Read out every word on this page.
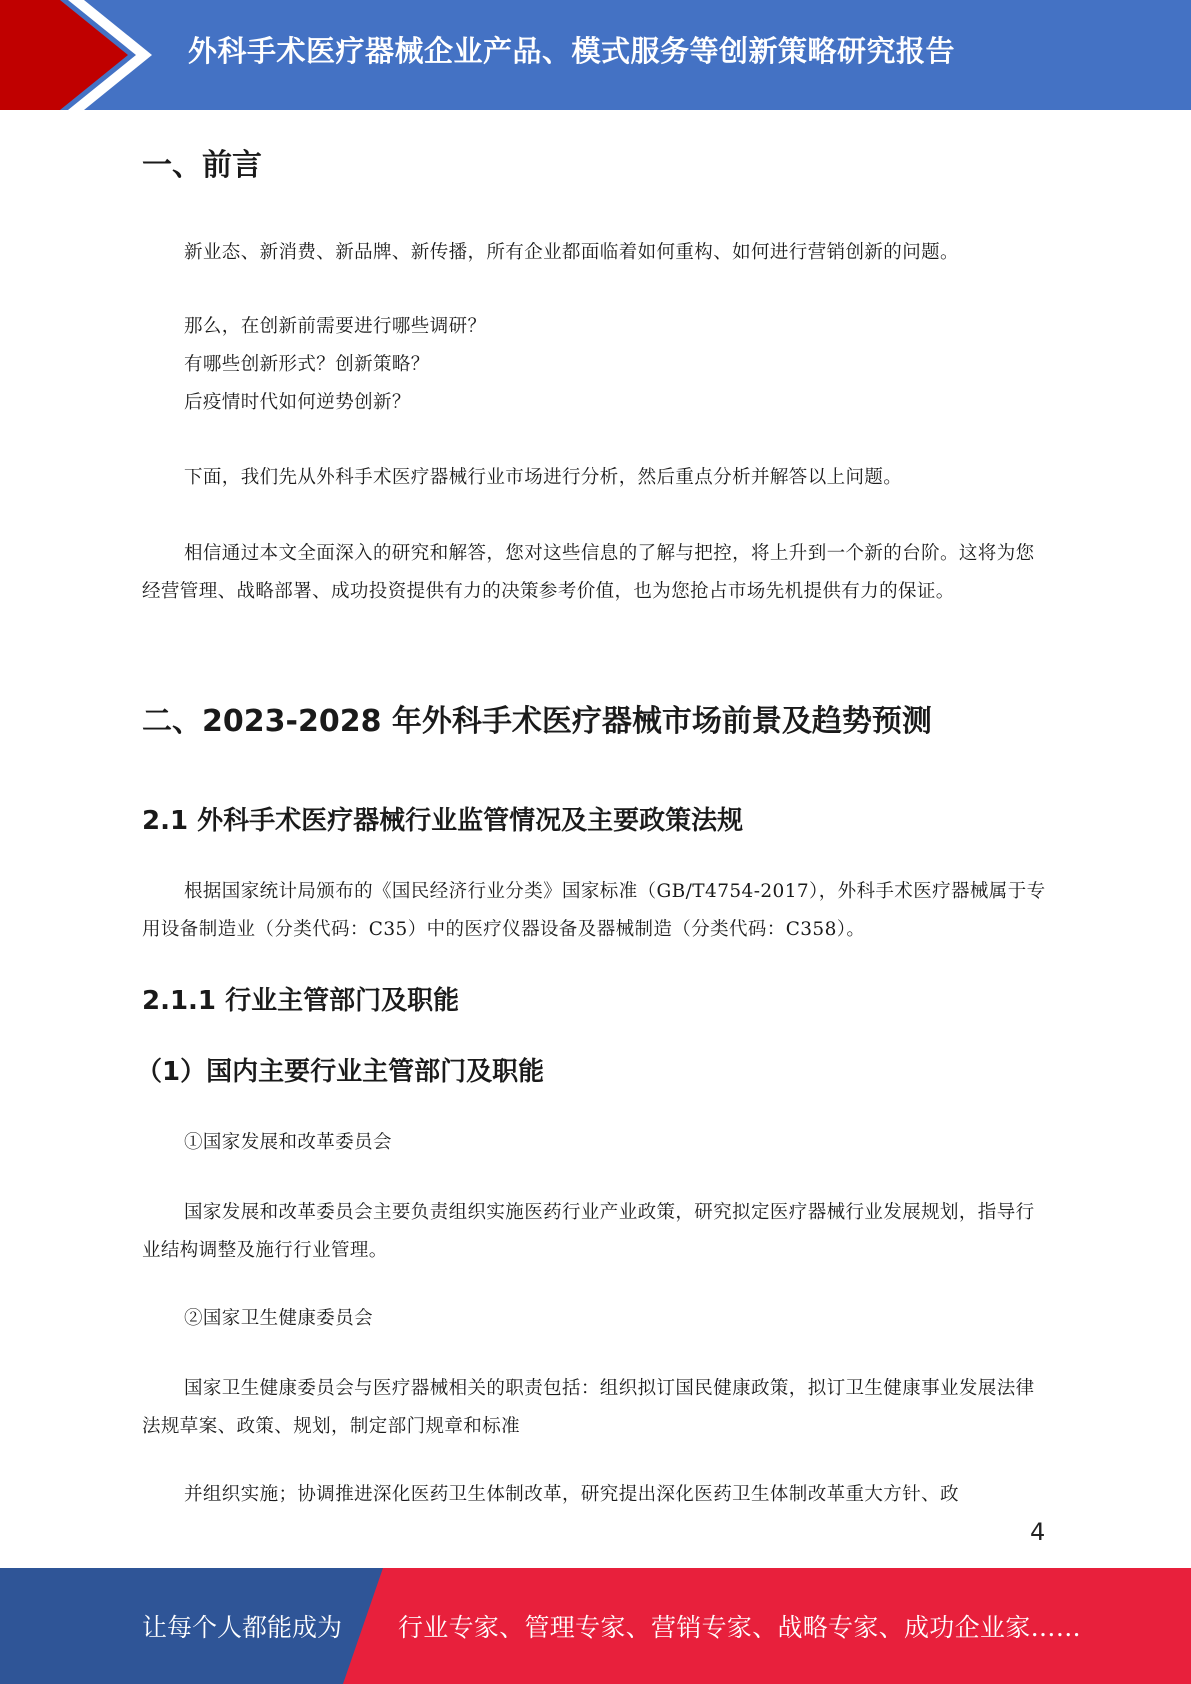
外科手术医疗器械企业产品、模式服务等创新策略研究报告
一、前言

新业态、新消费、新品牌、新传播，所有企业都面临着如何重构、如何进行营销创新的问题。

那么，在创新前需要进行哪些调研？

有哪些创新形式？创新策略？

后疫情时代如何逆势创新？

下面，我们先从外科手术医疗器械行业市场进行分析，然后重点分析并解答以上问题。

相信通过本文全面深入的研究和解答，您对这些信息的了解与把控，将上升到一个新的台阶。这将为您经营管理、战略部署、成功投资提供有力的决策参考价值，也为您抢占市场先机提供有力的保证。

二、2023-2028 年外科手术医疗器械市场前景及趋势预测
2.1 外科手术医疗器械行业监管情况及主要政策法规

根据国家统计局颁布的《国民经济行业分类》国家标准（GB/T4754-2017），外科手术医疗器械属于专用设备制造业（分类代码：C35）中的医疗仪器设备及器械制造（分类代码：C358）。

2.1.1 行业主管部门及职能
（1）国内主要行业主管部门及职能

①国家发展和改革委员会

国家发展和改革委员会主要负责组织实施医药行业产业政策，研究拟定医疗器械行业发展规划，指导行业结构调整及施行行业管理。

②国家卫生健康委员会

国家卫生健康委员会与医疗器械相关的职责包括：组织拟订国民健康政策，拟订卫生健康事业发展法律法规草案、政策、规划，制定部门规章和标准

并组织实施；协调推进深化医药卫生体制改革，研究提出深化医药卫生体制改革重大方针、政

4
让每个人都能成为 行业专家、管理专家、营销专家、战略专家、成功企业家……
